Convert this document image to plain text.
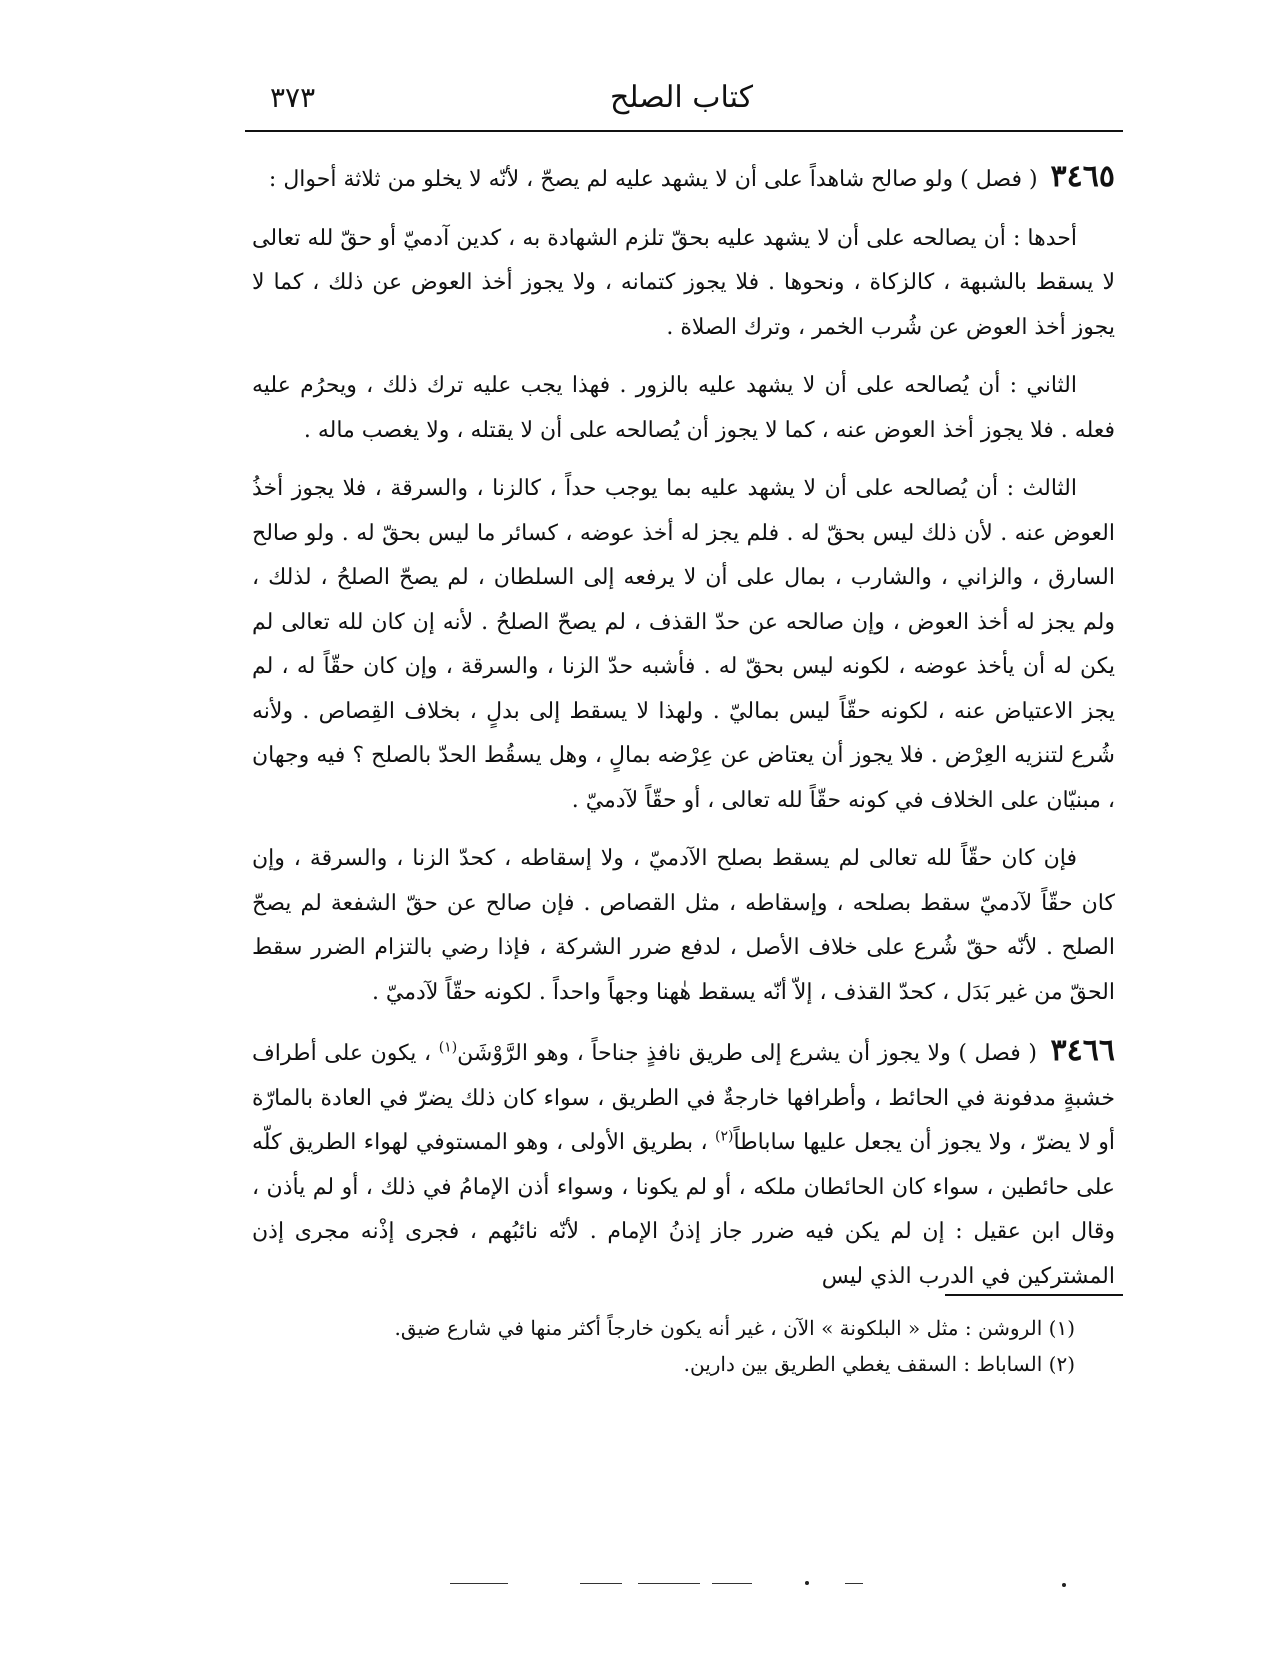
كتاب الصلح
٣٧٣

٣٤٦٥ ( فصل ) ولو صالح شاهداً على أن لا يشهد عليه لم يصحّ ، لأنّه لا يخلو من ثلاثة أحوال :

أحدها : أن يصالحه على أن لا يشهد عليه بحقّ تلزم الشهادة به ، كدين آدميّ أو حقّ لله تعالى لا يسقط بالشبهة ، كالزكاة ، ونحوها . فلا يجوز كتمانه ، ولا يجوز أخذ العوض عن ذلك ، كما لا يجوز أخذ العوض عن شُرب الخمر ، وترك الصلاة .

الثاني : أن يُصالحه على أن لا يشهد عليه بالزور . فهذا يجب عليه ترك ذلك ، ويحرُم عليه فعله . فلا يجوز أخذ العوض عنه ، كما لا يجوز أن يُصالحه على أن لا يقتله ، ولا يغصب ماله .

الثالث : أن يُصالحه على أن لا يشهد عليه بما يوجب حداً ، كالزنا ، والسرقة ، فلا يجوز أخذُ العوض عنه . لأن ذلك ليس بحقّ له . فلم يجز له أخذ عوضه ، كسائر ما ليس بحقّ له . ولو صالح السارق ، والزاني ، والشارب ، بمال على أن لا يرفعه إلى السلطان ، لم يصحّ الصلحُ ، لذلك ، ولم يجز له أخذ العوض ، وإن صالحه عن حدّ القذف ، لم يصحّ الصلحُ . لأنه إن كان لله تعالى لم يكن له أن يأخذ عوضه ، لكونه ليس بحقّ له . فأشبه حدّ الزنا ، والسرقة ، وإن كان حقّاً له ، لم يجز الاعتياض عنه ، لكونه حقّاً ليس بماليّ . ولهذا لا يسقط إلى بدلٍ ، بخلاف القِصاص . ولأنه شُرع لتنزيه العِرْض . فلا يجوز أن يعتاض عن عِرْضه بمالٍ ، وهل يسقُط الحدّ بالصلح ؟ فيه وجهان ، مبنيّان على الخلاف في كونه حقّاً لله تعالى ، أو حقّاً لآدميّ .

فإن كان حقّاً لله تعالى لم يسقط بصلح الآدميّ ، ولا إسقاطه ، كحدّ الزنا ، والسرقة ، وإن كان حقّاً لآدميّ سقط بصلحه ، وإسقاطه ، مثل القصاص . فإن صالح عن حقّ الشفعة لم يصحّ الصلح . لأنّه حقّ شُرع على خلاف الأصل ، لدفع ضرر الشركة ، فإذا رضي بالتزام الضرر سقط الحقّ من غير بَدَل ، كحدّ القذف ، إلاّ أنّه يسقط هٰهنا وجهاً واحداً . لكونه حقّاً لآدميّ .

٣٤٦٦ ( فصل ) ولا يجوز أن يشرع إلى طريق نافذٍ جناحاً ، وهو الرَّوْشَن$^{(١)}$ ، يكون على أطراف خشبةٍ مدفونة في الحائط ، وأطرافها خارجةٌ في الطريق ، سواء كان ذلك يضرّ في العادة بالمارّة أو لا يضرّ ، ولا يجوز أن يجعل عليها ساباطاً$^{(٢)}$ ، بطريق الأولى ، وهو المستوفي لهواء الطريق كلّه على حائطين ، سواء كان الحائطان ملكه ، أو لم يكونا ، وسواء أذن الإمامُ في ذلك ، أو لم يأذن ، وقال ابن عقيل : إن لم يكن فيه ضرر جاز إذنُ الإمام . لأنّه نائبُهم ، فجرى إذْنه مجرى إذن المشتركين في الدرب الذي ليس

(١) الروشن : مثل « البلكونة » الآن ، غير أنه يكون خارجاً أكثر منها في شارع ضيق.

(٢) الساباط : السقف يغطي الطريق بين دارين.
